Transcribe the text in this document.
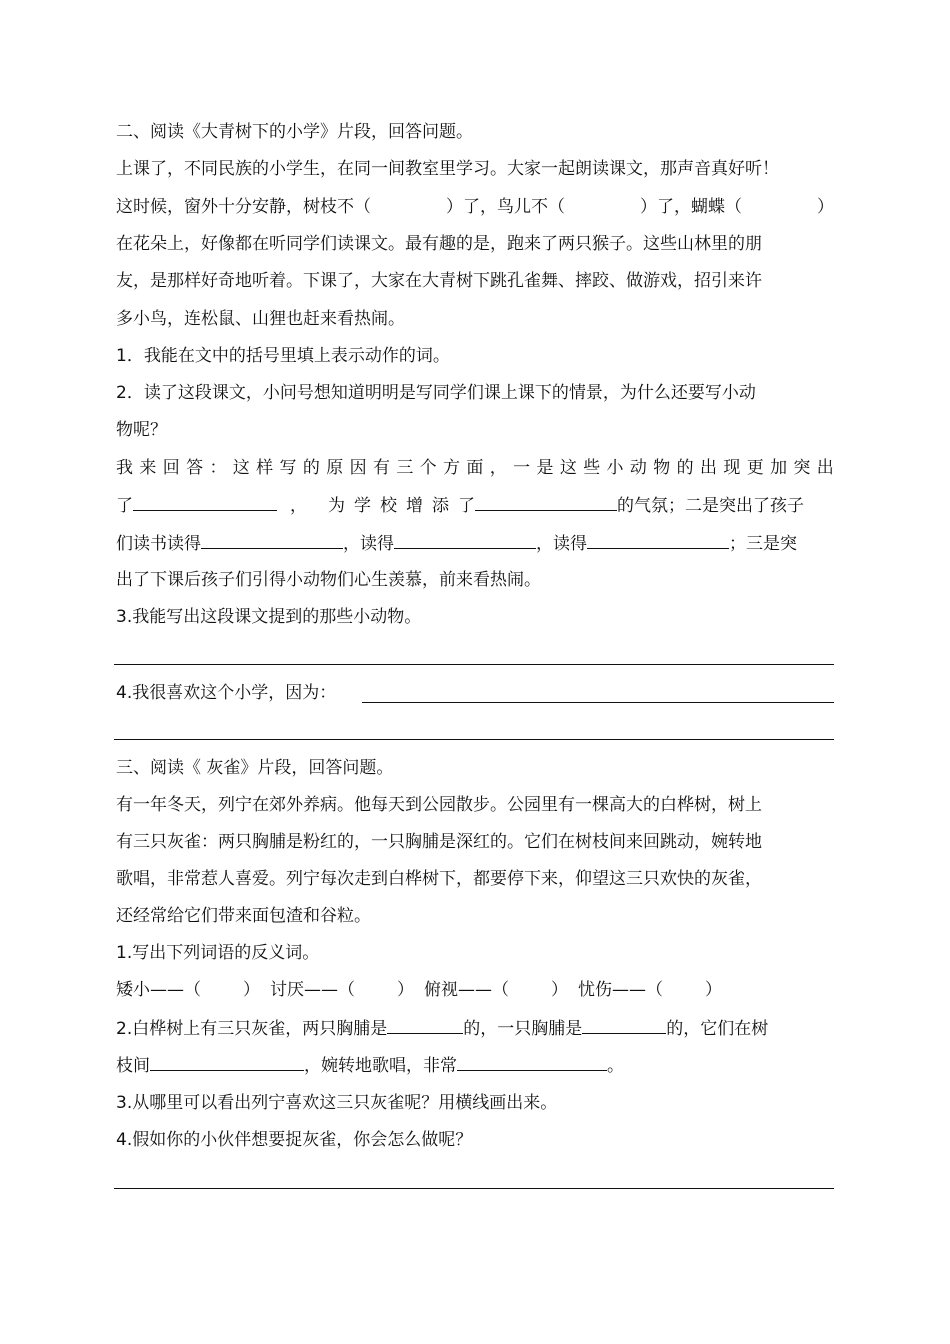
二、阅读《大青树下的小学》片段，回答问题。
上课了，不同民族的小学生，在同一间教室里学习。大家一起朗读课文，那声音真好听！
这时候，窗外十分安静，树枝不（	）了，鸟儿不（	）了，蝴蝶（	）
在花朵上，好像都在听同学们读课文。最有趣的是，跑来了两只猴子。这些山林里的朋
友，是那样好奇地听着。下课了，大家在大青树下跳孔雀舞、摔跤、做游戏，招引来许
多小鸟，连松鼠、山狸也赶来看热闹。
1．我能在文中的括号里填上表示动作的词。
2．读了这段课文，小问号想知道明明是写同学们课上课下的情景，为什么还要写小动
物呢？
我 来 回 答 ： 这 样 写 的 原 因 有 三 个 方 面 ， 一 是 这 些 小 动 物 的 出 现 更 加 突 出
了	， 为 学 校 增 添 了	的气氛；二是突出了孩子
们读书读得	，读得	，读得	；三是突
出了下课后孩子们引得小动物们心生羡慕，前来看热闹。
3.我能写出这段课文提到的那些小动物。
4.我很喜欢这个小学，因为：
三、阅读《 灰雀》片段，回答问题。
有一年冬天，列宁在郊外养病。他每天到公园散步。公园里有一棵高大的白桦树，树上
有三只灰雀：两只胸脯是粉红的，一只胸脯是深红的。它们在树枝间来回跳动，婉转地
歌唱，非常惹人喜爱。列宁每次走到白桦树下，都要停下来，仰望这三只欢快的灰雀，
还经常给它们带来面包渣和谷粒。
1.写出下列词语的反义词。
矮小——（ ） 讨厌——（ ） 俯视——（ ） 忧伤——（ ）
2.白桦树上有三只灰雀，两只胸脯是	的，一只胸脯是	的，它们在树
枝间	，婉转地歌唱，非常	。
3.从哪里可以看出列宁喜欢这三只灰雀呢？用横线画出来。
4.假如你的小伙伴想要捉灰雀，你会怎么做呢？
